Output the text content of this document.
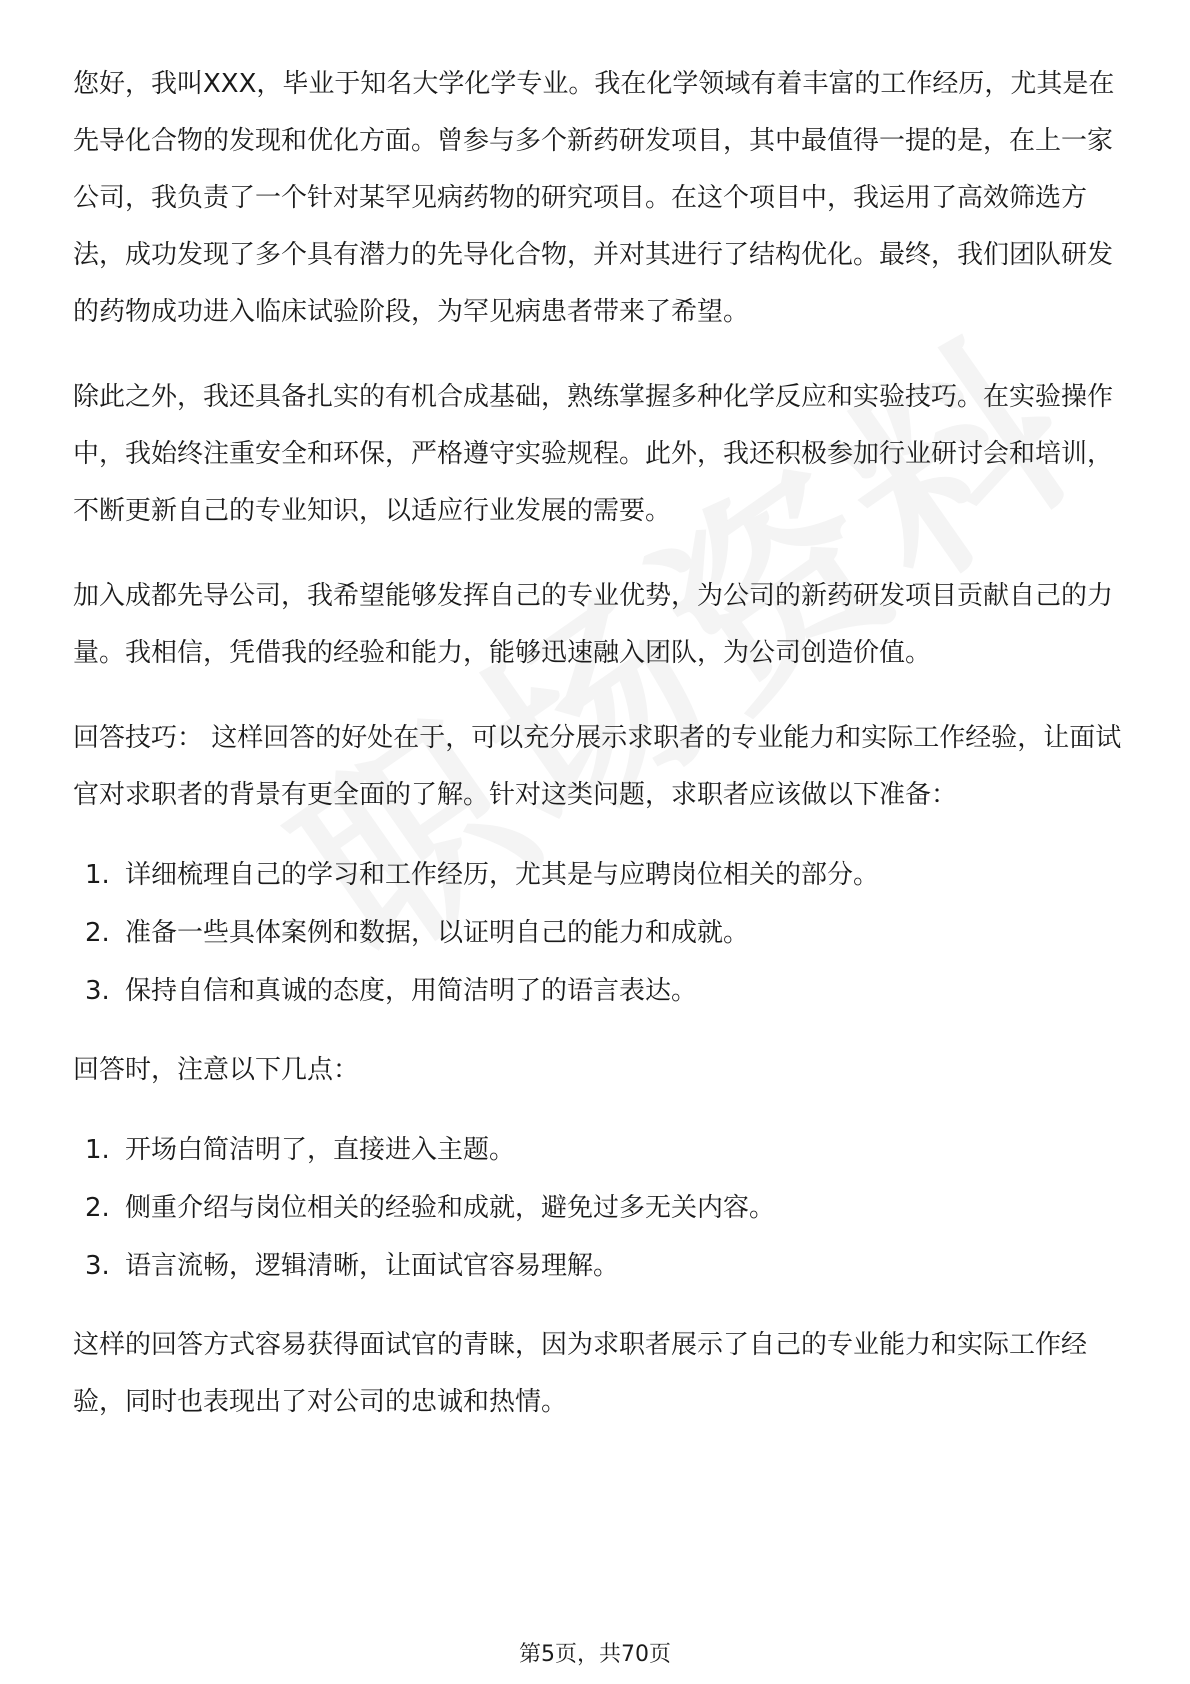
您好，我叫XXX，毕业于知名大学化学专业。我在化学领域有着丰富的工作经历，尤其是在先导化合物的发现和优化方面。曾参与多个新药研发项目，其中最值得一提的是，在上一家公司，我负责了一个针对某罕见病药物的研究项目。在这个项目中，我运用了高效筛选方法，成功发现了多个具有潜力的先导化合物，并对其进行了结构优化。最终，我们团队研发的药物成功进入临床试验阶段，为罕见病患者带来了希望。

除此之外，我还具备扎实的有机合成基础，熟练掌握多种化学反应和实验技巧。在实验操作中，我始终注重安全和环保，严格遵守实验规程。此外，我还积极参加行业研讨会和培训，不断更新自己的专业知识，以适应行业发展的需要。

加入成都先导公司，我希望能够发挥自己的专业优势，为公司的新药研发项目贡献自己的力量。我相信，凭借我的经验和能力，能够迅速融入团队，为公司创造价值。

回答技巧： 这样回答的好处在于，可以充分展示求职者的专业能力和实际工作经验，让面试官对求职者的背景有更全面的了解。针对这类问题，求职者应该做以下准备：

1. 详细梳理自己的学习和工作经历，尤其是与应聘岗位相关的部分。
2. 准备一些具体案例和数据，以证明自己的能力和成就。
3. 保持自信和真诚的态度，用简洁明了的语言表达。

回答时，注意以下几点：

1. 开场白简洁明了，直接进入主题。
2. 侧重介绍与岗位相关的经验和成就，避免过多无关内容。
3. 语言流畅，逻辑清晰，让面试官容易理解。

这样的回答方式容易获得面试官的青睐，因为求职者展示了自己的专业能力和实际工作经验，同时也表现出了对公司的忠诚和热情。

第5页，共70页
